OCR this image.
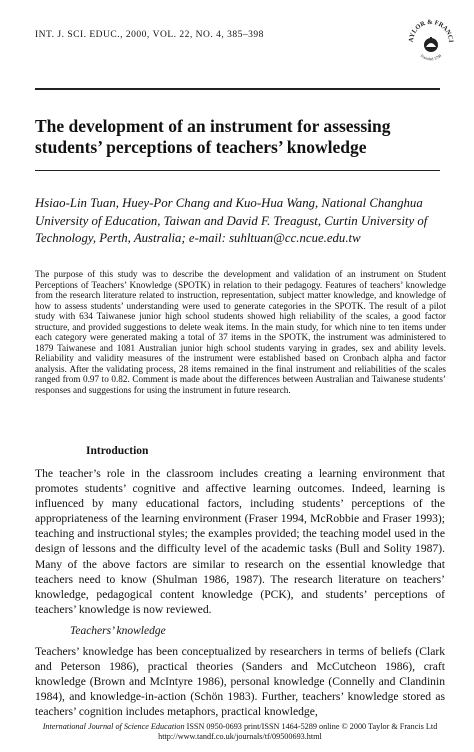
INT. J. SCI. EDUC., 2000, VOL. 22, NO. 4, 385–398
AYLOR & FRANCI
Founded 1798
The development of an instrument for assessing students’ perceptions of teachers’ knowledge
Hsiao-Lin Tuan, Huey-Por Chang and Kuo-Hua Wang, National Changhua University of Education, Taiwan and David F. Treagust, Curtin University of Technology, Perth, Australia; e-mail: suhltuan@cc.ncue.edu.tw
The purpose of this study was to describe the development and validation of an instrument on Student Perceptions of Teachers’ Knowledge (SPOTK) in relation to their pedagogy. Features of teachers’ knowledge from the research literature related to instruction, representation, subject matter knowledge, and knowledge of how to assess students’ understanding were used to generate categories in the SPOTK. The result of a pilot study with 634 Taiwanese junior high school students showed high reliability of the scales, a good factor structure, and provided suggestions to delete weak items. In the main study, for which nine to ten items under each category were generated making a total of 37 items in the SPOTK, the instrument was administered to 1879 Taiwanese and 1081 Australian junior high school students varying in grades, sex and ability levels. Reliability and validity measures of the instrument were established based on Cronbach alpha and factor analysis. After the validating process, 28 items remained in the final instrument and reliabilities of the scales ranged from 0.97 to 0.82. Comment is made about the differences between Australian and Taiwanese students’ responses and suggestions for using the instrument in future research.
Introduction
The teacher’s role in the classroom includes creating a learning environment that promotes students’ cognitive and affective learning outcomes. Indeed, learning is influenced by many educational factors, including students’ perceptions of the appropriateness of the learning environment (Fraser 1994, McRobbie and Fraser 1993); teaching and instructional styles; the examples provided; the teaching model used in the design of lessons and the difficulty level of the academic tasks (Bull and Solity 1987). Many of the above factors are similar to research on the essential knowledge that teachers need to know (Shulman 1986, 1987). The research literature on teachers’ knowledge, pedagogical content knowledge (PCK), and students’ perceptions of teachers’ knowledge is now reviewed.
Teachers’ knowledge
Teachers’ knowledge has been conceptualized by researchers in terms of beliefs (Clark and Peterson 1986), practical theories (Sanders and McCutcheon 1986), craft knowledge (Brown and McIntyre 1986), personal knowledge (Connelly and Clandinin 1984), and knowledge-in-action (Schön 1983). Further, teachers’ knowledge stored as teachers’ cognition includes metaphors, practical knowledge,
International Journal of Science Education ISSN 0950-0693 print/ISSN 1464-5289 online © 2000 Taylor & Francis Ltd
http://www.tandf.co.uk/journals/tf/09500693.html
